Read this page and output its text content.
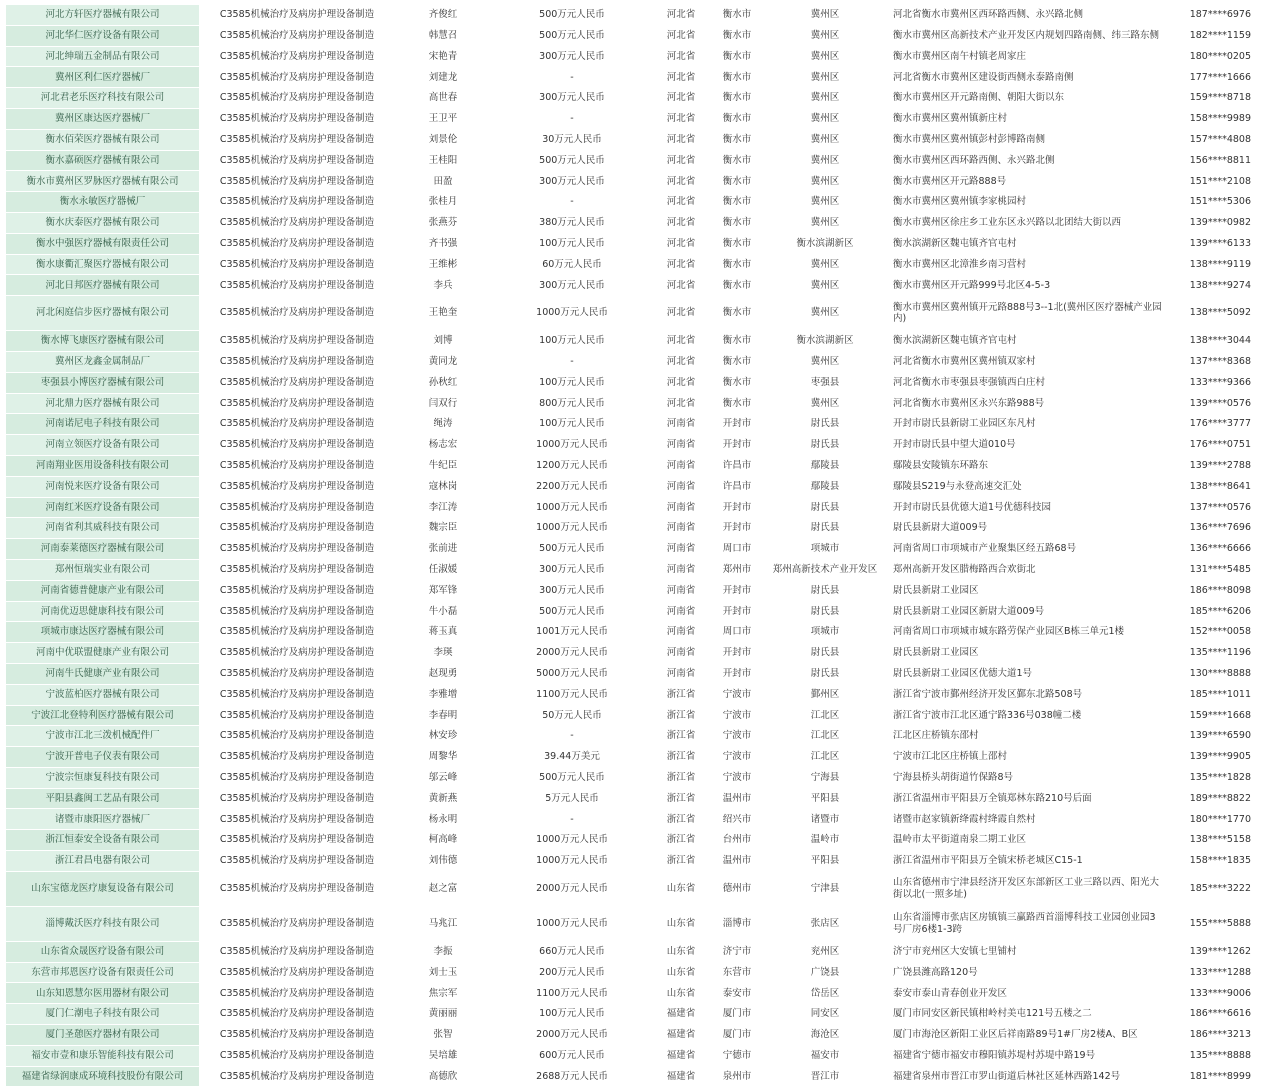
河北方轩医疗器械有限公司	C3585机械治疗及病房护理设备制造	齐俊红	500万元人民币	河北省	衡水市	冀州区	河北省衡水市冀州区西环路西侧、永兴路北侧	187****6976
河北华仁医疗设备有限公司	C3585机械治疗及病房护理设备制造	韩慧召	500万元人民币	河北省	衡水市	冀州区	衡水市冀州区高新技术产业开发区内规划四路南侧、纬三路东侧	182****1159
河北绅瑞五金制品有限公司	C3585机械治疗及病房护理设备制造	宋艳青	300万元人民币	河北省	衡水市	冀州区	衡水市冀州区南午村镇老周家庄	180****0205
冀州区利仁医疗器械厂	C3585机械治疗及病房护理设备制造	刘建龙	-	河北省	衡水市	冀州区	河北省衡水市冀州区建设街西侧永泰路南侧	177****1666
河北君老乐医疗科技有限公司	C3585机械治疗及病房护理设备制造	高世春	300万元人民币	河北省	衡水市	冀州区	衡水市冀州区开元路南侧、朝阳大街以东	159****8718
冀州区康达医疗器械厂	C3585机械治疗及病房护理设备制造	王卫平	-	河北省	衡水市	冀州区	衡水市冀州区冀州镇新庄村	158****9989
衡水佰荣医疗器械有限公司	C3585机械治疗及病房护理设备制造	刘景伦	30万元人民币	河北省	衡水市	冀州区	衡水市冀州区冀州镇彭村彭博路南侧	157****4808
衡水嘉硕医疗器械有限公司	C3585机械治疗及病房护理设备制造	王桂阳	500万元人民币	河北省	衡水市	冀州区	衡水市冀州区西环路西侧、永兴路北侧	156****8811
衡水市冀州区罗脉医疗器械有限公司	C3585机械治疗及病房护理设备制造	田盈	300万元人民币	河北省	衡水市	冀州区	衡水市冀州区开元路888号	151****2108
衡水永敏医疗器械厂	C3585机械治疗及病房护理设备制造	张桂月	-	河北省	衡水市	冀州区	衡水市冀州区冀州镇李家桃园村	151****5306
衡水庆泰医疗器械有限公司	C3585机械治疗及病房护理设备制造	张燕芬	380万元人民币	河北省	衡水市	冀州区	衡水市冀州区徐庄乡工业东区永兴路以北团结大街以西	139****0982
衡水中强医疗器械有限责任公司	C3585机械治疗及病房护理设备制造	齐书强	100万元人民币	河北省	衡水市	衡水滨湖新区	衡水滨湖新区魏屯镇齐官屯村	139****6133
衡水康衢汇聚医疗器械有限公司	C3585机械治疗及病房护理设备制造	王维彬	60万元人民币	河北省	衡水市	冀州区	衡水市冀州区北漳淮乡南习营村	138****9119
河北日邦医疗器械有限公司	C3585机械治疗及病房护理设备制造	李兵	300万元人民币	河北省	衡水市	冀州区	衡水市冀州区开元路999号北区4-5-3	138****9274
河北闲庭信步医疗器械有限公司	C3585机械治疗及病房护理设备制造	王艳奎	1000万元人民币	河北省	衡水市	冀州区	衡水市冀州区冀州镇开元路888号3--1北(冀州区医疗器械产业园内)	138****5092
衡水博飞康医疗器械有限公司	C3585机械治疗及病房护理设备制造	刘博	100万元人民币	河北省	衡水市	衡水滨湖新区	衡水滨湖新区魏屯镇齐官屯村	138****3044
冀州区龙鑫金属制品厂	C3585机械治疗及病房护理设备制造	黄同龙	-	河北省	衡水市	冀州区	河北省衡水市冀州区冀州镇双家村	137****8368
枣强县小博医疗器械有限公司	C3585机械治疗及病房护理设备制造	孙秋红	100万元人民币	河北省	衡水市	枣强县	河北省衡水市枣强县枣强镇西白庄村	133****9366
河北鼎力医疗器械有限公司	C3585机械治疗及病房护理设备制造	闫双行	800万元人民币	河北省	衡水市	冀州区	河北省衡水市冀州区永兴东路988号	139****0576
河南诺尼电子科技有限公司	C3585机械治疗及病房护理设备制造	绳涛	100万元人民币	河南省	开封市	尉氏县	开封市尉氏县新尉工业园区东凡村	176****3777
河南立领医疗设备有限公司	C3585机械治疗及病房护理设备制造	杨志宏	1000万元人民币	河南省	开封市	尉氏县	开封市尉氏县中望大道010号	176****0751
河南翔业医用设备科技有限公司	C3585机械治疗及病房护理设备制造	牛纪臣	1200万元人民币	河南省	许昌市	鄢陵县	鄢陵县安陵镇东环路东	139****2788
河南悦来医疗设备有限公司	C3585机械治疗及病房护理设备制造	寇林岗	2200万元人民币	河南省	许昌市	鄢陵县	鄢陵县S219与永登高速交汇处	138****8641
河南红米医疗设备有限公司	C3585机械治疗及病房护理设备制造	李江涛	1000万元人民币	河南省	开封市	尉氏县	开封市尉氏县优德大道1号优德科技园	137****0576
河南省利其威科技有限公司	C3585机械治疗及病房护理设备制造	魏宗臣	1000万元人民币	河南省	开封市	尉氏县	尉氏县新尉大道009号	136****7696
河南泰莱德医疗器械有限公司	C3585机械治疗及病房护理设备制造	张前进	500万元人民币	河南省	周口市	项城市	河南省周口市项城市产业聚集区经五路68号	136****6666
郑州恒瑞实业有限公司	C3585机械治疗及病房护理设备制造	任淑媛	300万元人民币	河南省	郑州市	郑州高新技术产业开发区	郑州高新开发区腊梅路西合欢街北	131****5485
河南省德普健康产业有限公司	C3585机械治疗及病房护理设备制造	郑军锋	300万元人民币	河南省	开封市	尉氏县	尉氏县新尉工业园区	186****8098
河南优迈思健康科技有限公司	C3585机械治疗及病房护理设备制造	牛小磊	500万元人民币	河南省	开封市	尉氏县	尉氏县新尉工业园区新尉大道009号	185****6206
项城市康达医疗器械有限公司	C3585机械治疗及病房护理设备制造	蒋玉真	1001万元人民币	河南省	周口市	项城市	河南省周口市项城市城东路劳保产业园区B栋三单元1楼	152****0058
河南中优联盟健康产业有限公司	C3585机械治疗及病房护理设备制造	李瑛	2000万元人民币	河南省	开封市	尉氏县	尉氏县新尉工业园区	135****1196
河南牛氏健康产业有限公司	C3585机械治疗及病房护理设备制造	赵现勇	5000万元人民币	河南省	开封市	尉氏县	尉氏县新尉工业园区优德大道1号	130****8888
宁波蓝柏医疗器械有限公司	C3585机械治疗及病房护理设备制造	李雅增	1100万元人民币	浙江省	宁波市	鄞州区	浙江省宁波市鄞州经济开发区鄞东北路508号	185****1011
宁波江北登特利医疗器械有限公司	C3585机械治疗及病房护理设备制造	李春明	50万元人民币	浙江省	宁波市	江北区	浙江省宁波市江北区通宁路336号038幢二楼	159****1668
宁波市江北三泼机械配件厂	C3585机械治疗及病房护理设备制造	林安珍	-	浙江省	宁波市	江北区	江北区庄桥镇东邵村	139****6590
宁波开普电子仪表有限公司	C3585机械治疗及病房护理设备制造	周黎华	39.44万美元	浙江省	宁波市	江北区	宁波市江北区庄桥镇上邵村	139****9905
宁波宗恒康复科技有限公司	C3585机械治疗及病房护理设备制造	邬云峰	500万元人民币	浙江省	宁波市	宁海县	宁海县桥头胡街道竹保路8号	135****1828
平阳县鑫闽工艺品有限公司	C3585机械治疗及病房护理设备制造	黄新燕	5万元人民币	浙江省	温州市	平阳县	浙江省温州市平阳县万全镇郑林东路210号后面	189****8822
诸暨市康阳医疗器械厂	C3585机械治疗及病房护理设备制造	杨永明	-	浙江省	绍兴市	诸暨市	诸暨市赵家镇新绛霞村绛霞自然村	180****1770
浙江恒泰安全设备有限公司	C3585机械治疗及病房护理设备制造	柯高峰	1000万元人民币	浙江省	台州市	温岭市	温岭市太平街道南泉二期工业区	138****5158
浙江君昌电器有限公司	C3585机械治疗及病房护理设备制造	刘伟德	1000万元人民币	浙江省	温州市	平阳县	浙江省温州市平阳县万全镇宋桥老城区C15-1	158****1835
山东宝德龙医疗康复设备有限公司	C3585机械治疗及病房护理设备制造	赵之富	2000万元人民币	山东省	德州市	宁津县	山东省德州市宁津县经济开发区东部新区工业三路以西、阳光大街以北(一照多址)	185****3222
淄博戴沃医疗科技有限公司	C3585机械治疗及病房护理设备制造	马兆江	1000万元人民币	山东省	淄博市	张店区	山东省淄博市张店区房镇镇三赢路西首淄博科技工业园创业园3号厂房6楼1-3跨	155****5888
山东省众晟医疗设备有限公司	C3585机械治疗及病房护理设备制造	李振	660万元人民币	山东省	济宁市	兖州区	济宁市兖州区大安镇七里铺村	139****1262
东营市邦恩医疗设备有限责任公司	C3585机械治疗及病房护理设备制造	刘士玉	200万元人民币	山东省	东营市	广饶县	广饶县潍高路120号	133****1288
山东知恩慧尔医用器材有限公司	C3585机械治疗及病房护理设备制造	焦宗军	1100万元人民币	山东省	泰安市	岱岳区	泰安市泰山青春创业开发区	133****9006
厦门仁潮电子科技有限公司	C3585机械治疗及病房护理设备制造	黄丽丽	100万元人民币	福建省	厦门市	同安区	厦门市同安区新民镇柑岭村美屯121号五楼之二	186****6616
厦门圣憩医疗器材有限公司	C3585机械治疗及病房护理设备制造	张智	2000万元人民币	福建省	厦门市	海沧区	厦门市海沧区新阳工业区后祥南路89号1#厂房2楼A、B区	186****3213
福安市壹和康乐智能科技有限公司	C3585机械治疗及病房护理设备制造	吴培雄	600万元人民币	福建省	宁德市	福安市	福建省宁德市福安市穆阳镇苏堤村苏堤中路19号	135****8888
福建省绿润康成环境科技股份有限公司	C3585机械治疗及病房护理设备制造	高德欣	2688万元人民币	福建省	泉州市	晋江市	福建省泉州市晋江市罗山街道后林社区延林西路142号	181****8999
